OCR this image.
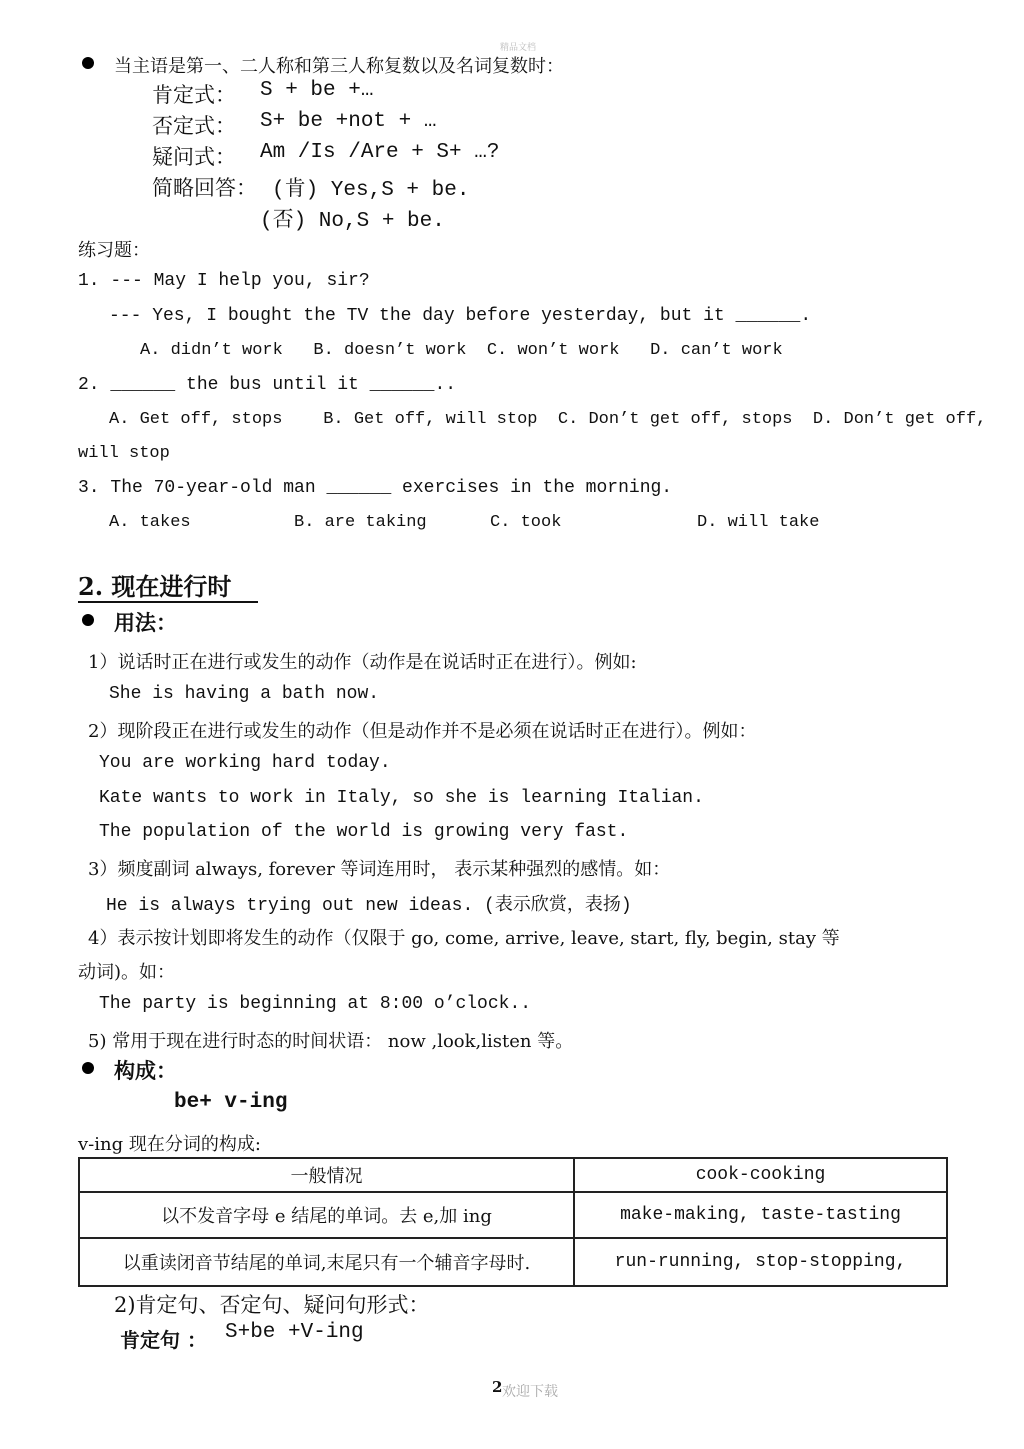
精品文档
当主语是第一、二人称和第三人称复数以及名词复数时：
肯定式： S + be +…
否定式： S+ be +not + …
疑问式： Am /Is /Are + S+ …?
简略回答： (肯) Yes,S + be.
(否) No,S + be.
练习题：
1. --- May I help you, sir?
--- Yes, I bought the TV the day before yesterday, but it ______.
A. didn’t work   B. doesn’t work  C. won’t work   D. can’t work
2. ______ the bus until it ______..
A. Get off, stops    B. Get off, will stop  C. Don’t get off, stops  D. Don’t get off,
will stop
3. The 70-year-old man ______ exercises in the morning.
A. takes	B. are taking	C. took	D. will take
2. 现在进行时
用法：
1）说话时正在进行或发生的动作（动作是在说话时正在进行）。例如:
She is having a bath now.
2）现阶段正在进行或发生的动作（但是动作并不是必须在说话时正在进行）。例如：
You are working hard today.
Kate wants to work in Italy, so she is learning Italian.
The population of the world is growing very fast.
3）频度副词 always, forever 等词连用时， 表示某种强烈的感情。如：
He is always trying out new ideas. (表示欣赏，表扬)
4）表示按计划即将发生的动作（仅限于 go, come, arrive, leave, start, fly, begin, stay 等
动词)。如：
The party is beginning at 8:00 o’clock..
5) 常用于现在进行时态的时间状语： now ,look,listen 等。
构成：
be+ v-ing
v-ing 现在分词的构成:
一般情况	cook-cooking
以不发音字母 e 结尾的单词。去 e,加 ing	make-making, taste-tasting
以重读闭音节结尾的单词,末尾只有一个辅音字母时.	run-running, stop-stopping,
2)肯定句、否定句、疑问句形式：
肯定句 ： S+be +V-ing
2 欢迎下载
